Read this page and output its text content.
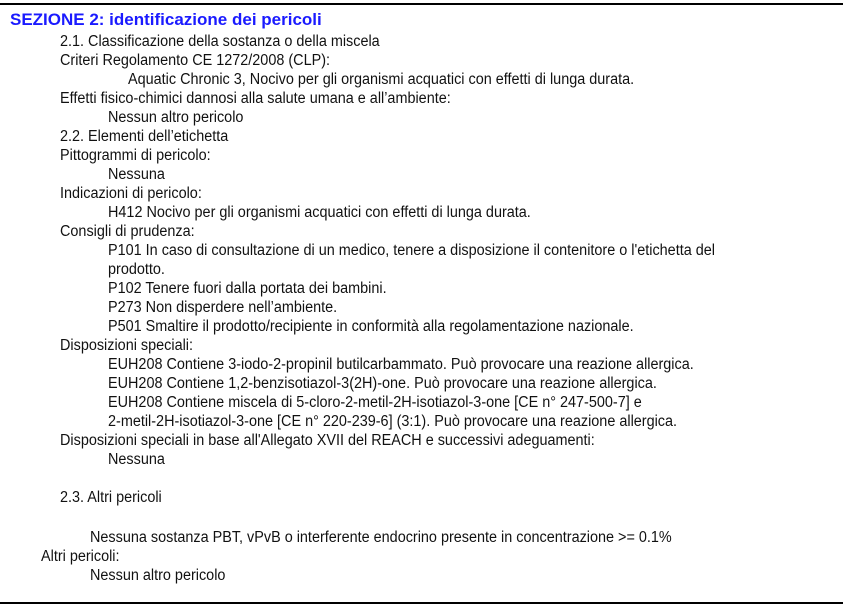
SEZIONE 2: identificazione dei pericoli
2.1. Classificazione della sostanza o della miscela
Criteri Regolamento CE 1272/2008 (CLP):
Aquatic Chronic 3, Nocivo per gli organismi acquatici con effetti di lunga durata.
Effetti fisico-chimici dannosi alla salute umana e all’ambiente:
Nessun altro pericolo
2.2. Elementi dell’etichetta
Pittogrammi di pericolo:
Nessuna
Indicazioni di pericolo:
H412 Nocivo per gli organismi acquatici con effetti di lunga durata.
Consigli di prudenza:
P101 In caso di consultazione di un medico, tenere a disposizione il contenitore o l'etichetta del
prodotto.
P102 Tenere fuori dalla portata dei bambini.
P273 Non disperdere nell’ambiente.
P501 Smaltire il prodotto/recipiente in conformità alla regolamentazione nazionale.
Disposizioni speciali:
EUH208 Contiene 3-iodo-2-propinil butilcarbammato. Può provocare una reazione allergica.
EUH208 Contiene 1,2-benzisotiazol-3(2H)-one. Può provocare una reazione allergica.
EUH208 Contiene miscela di 5-cloro-2-metil-2H-isotiazol-3-one [CE n° 247-500-7] e
2-metil-2H-isotiazol-3-one [CE n° 220-239-6] (3:1). Può provocare una reazione allergica.
Disposizioni speciali in base all'Allegato XVII del REACH e successivi adeguamenti:
Nessuna
2.3. Altri pericoli
Nessuna sostanza PBT, vPvB o interferente endocrino presente in concentrazione >= 0.1%
Altri pericoli:
Nessun altro pericolo
